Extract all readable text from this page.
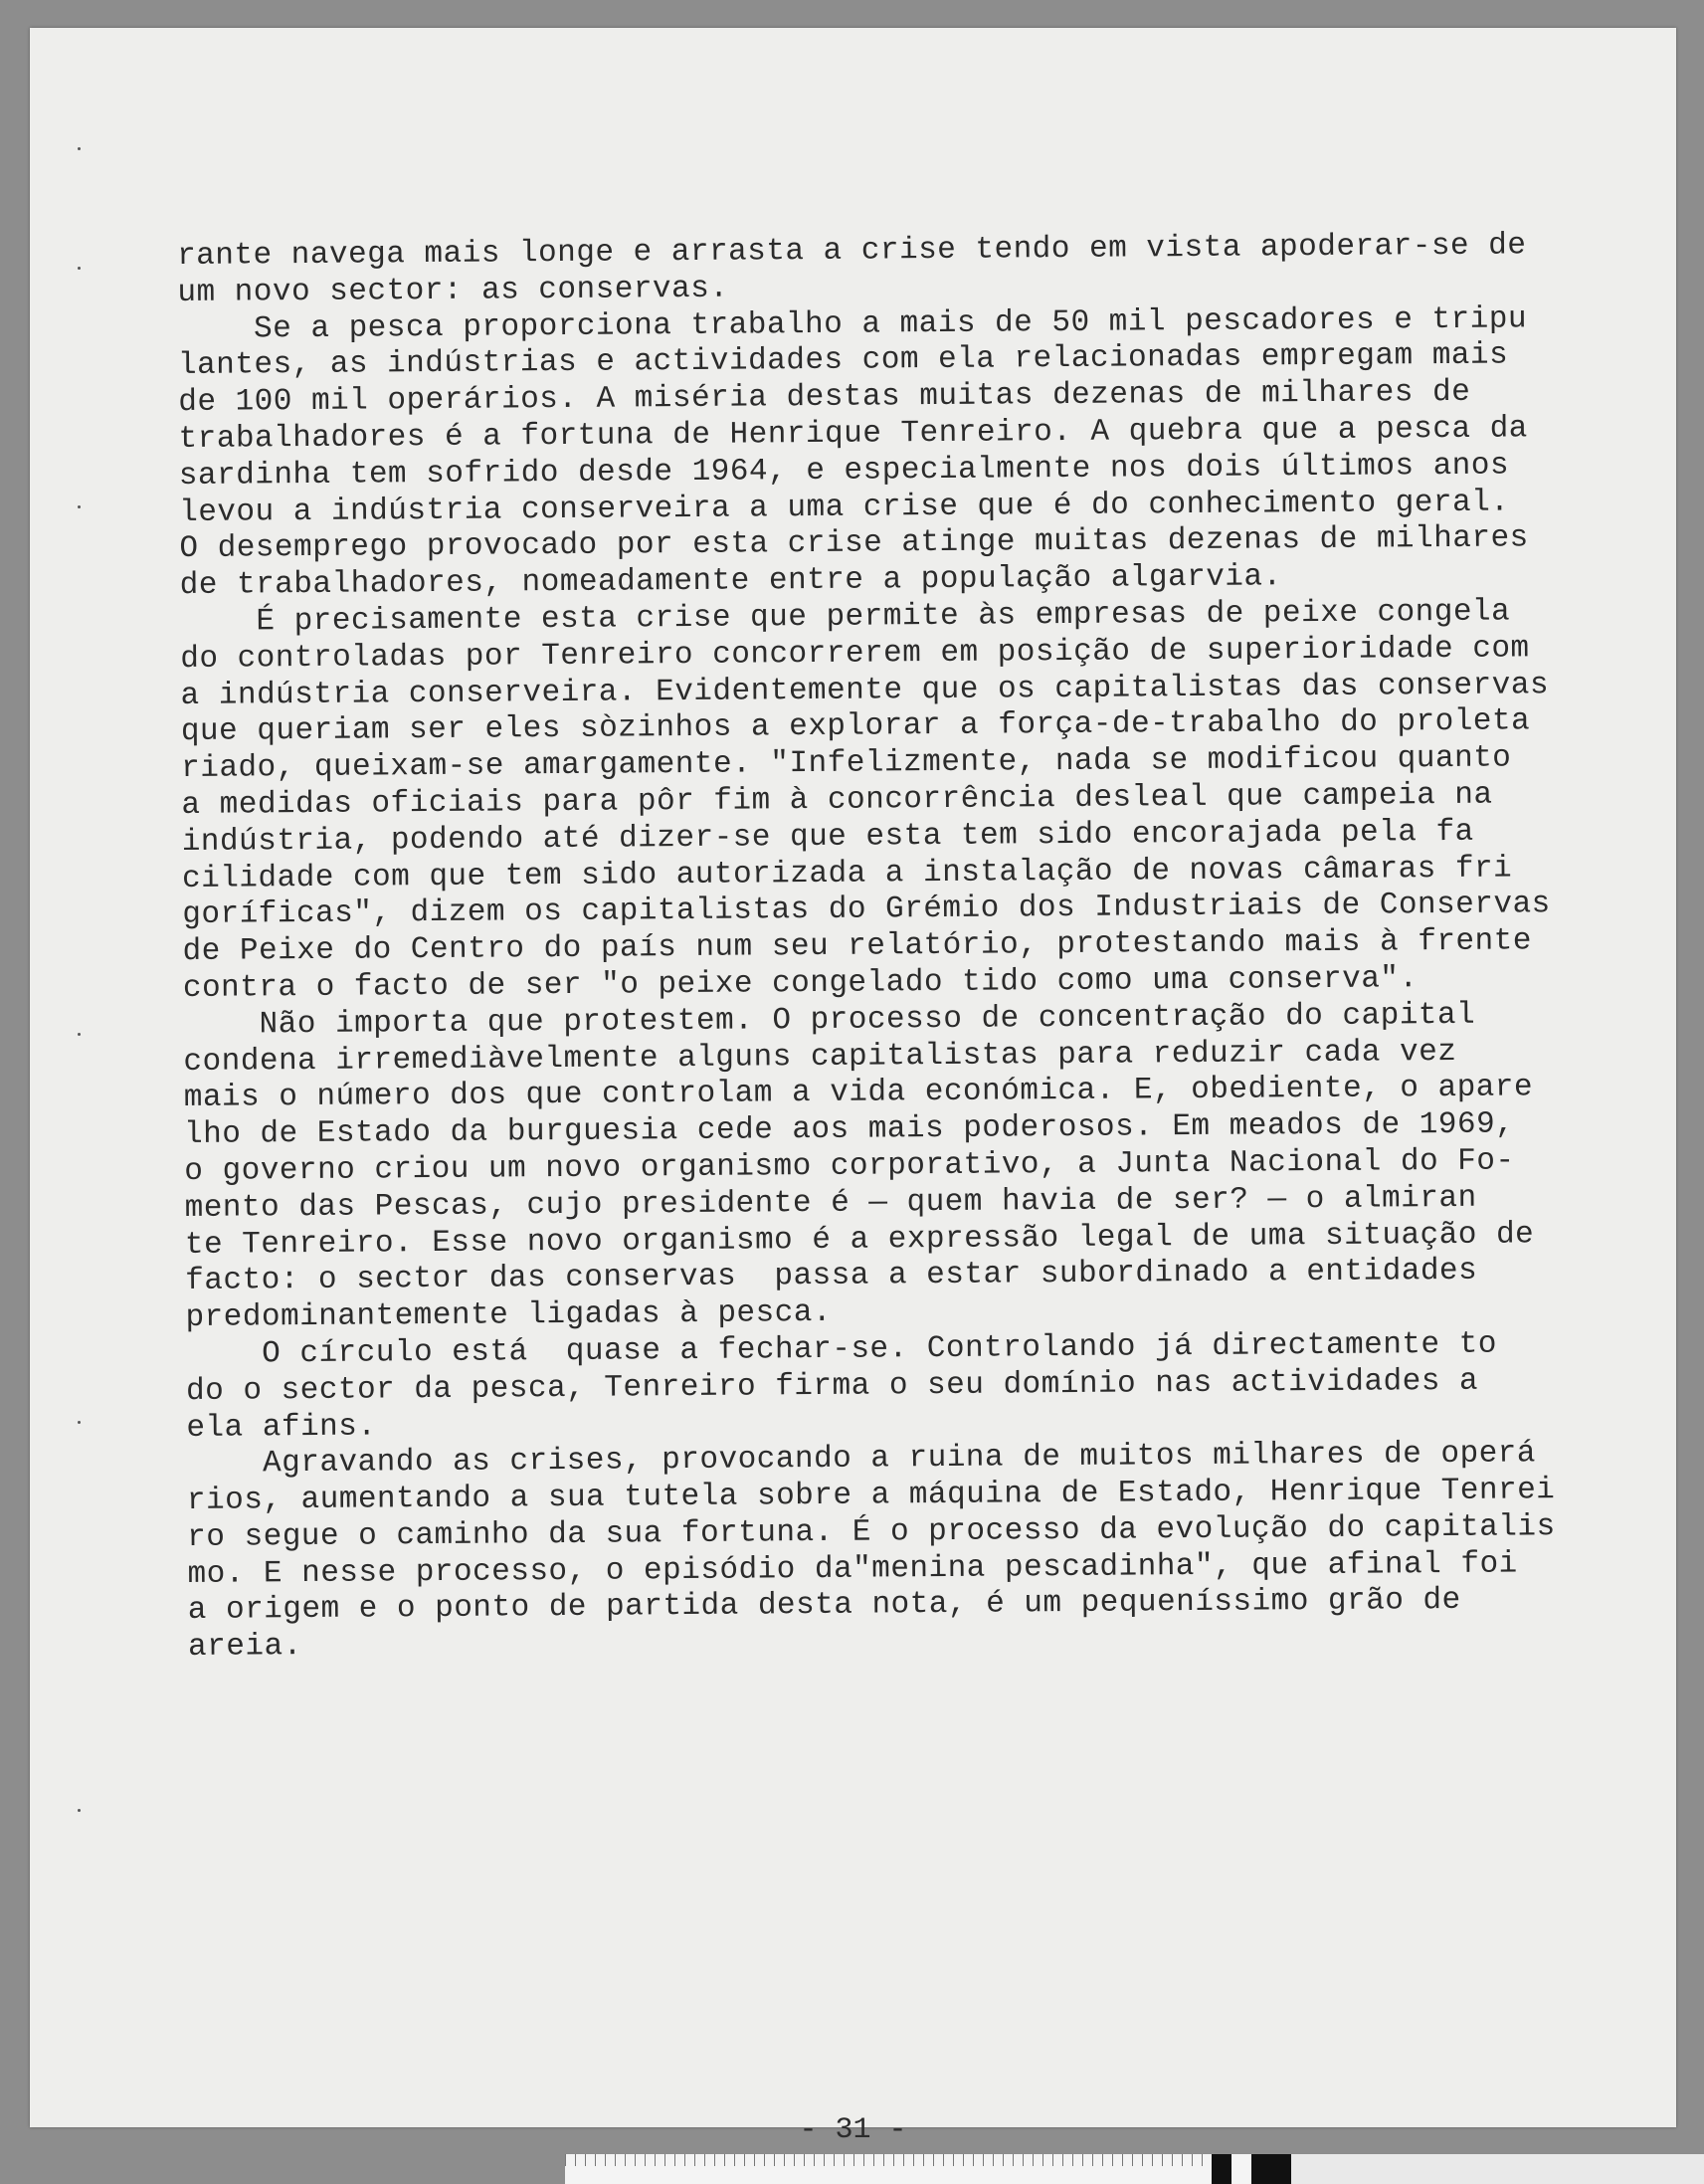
rante navega mais longe e arrasta a crise tendo em vista apoderar-se de
um novo sector: as conservas.
Se a pesca proporciona trabalho a mais de 50 mil pescadores e tripu
lantes, as indústrias e actividades com ela relacionadas empregam mais
de 100 mil operários. A miséria destas muitas dezenas de milhares de
trabalhadores é a fortuna de Henrique Tenreiro. A quebra que a pesca da
sardinha tem sofrido desde 1964, e especialmente nos dois últimos anos
levou a indústria conserveira a uma crise que é do conhecimento geral.
O desemprego provocado por esta crise atinge muitas dezenas de milhares
de trabalhadores, nomeadamente entre a população algarvia.
É precisamente esta crise que permite às empresas de peixe congela
do controladas por Tenreiro concorrerem em posição de superioridade com
a indústria conserveira. Evidentemente que os capitalistas das conservas
que queriam ser eles sòzinhos a explorar a força-de-trabalho do proleta
riado, queixam-se amargamente. "Infelizmente, nada se modificou quanto
a medidas oficiais para pôr fim à concorrência desleal que campeia na
indústria, podendo até dizer-se que esta tem sido encorajada pela fa
cilidade com que tem sido autorizada a instalação de novas câmaras fri
goríficas", dizem os capitalistas do Grémio dos Industriais de Conservas
de Peixe do Centro do país num seu relatório, protestando mais à frente
contra o facto de ser "o peixe congelado tido como uma conserva".
Não importa que protestem. O processo de concentração do capital
condena irremediàvelmente alguns capitalistas para reduzir cada vez
mais o número dos que controlam a vida económica. E, obediente, o apare
lho de Estado da burguesia cede aos mais poderosos. Em meados de 1969,
o governo criou um novo organismo corporativo, a Junta Nacional do Fo-
mento das Pescas, cujo presidente é — quem havia de ser? — o almiran
te Tenreiro. Esse novo organismo é a expressão legal de uma situação de
facto: o sector das conservas  passa a estar subordinado a entidades
predominantemente ligadas à pesca.
O círculo está  quase a fechar-se. Controlando já directamente to
do o sector da pesca, Tenreiro firma o seu domínio nas actividades a
ela afins.
Agravando as crises, provocando a ruina de muitos milhares de operá
rios, aumentando a sua tutela sobre a máquina de Estado, Henrique Tenrei
ro segue o caminho da sua fortuna. É o processo da evolução do capitalis
mo. E nesse processo, o episódio da"menina pescadinha", que afinal foi
a origem e o ponto de partida desta nota, é um pequeníssimo grão de
areia.
- 31 -
